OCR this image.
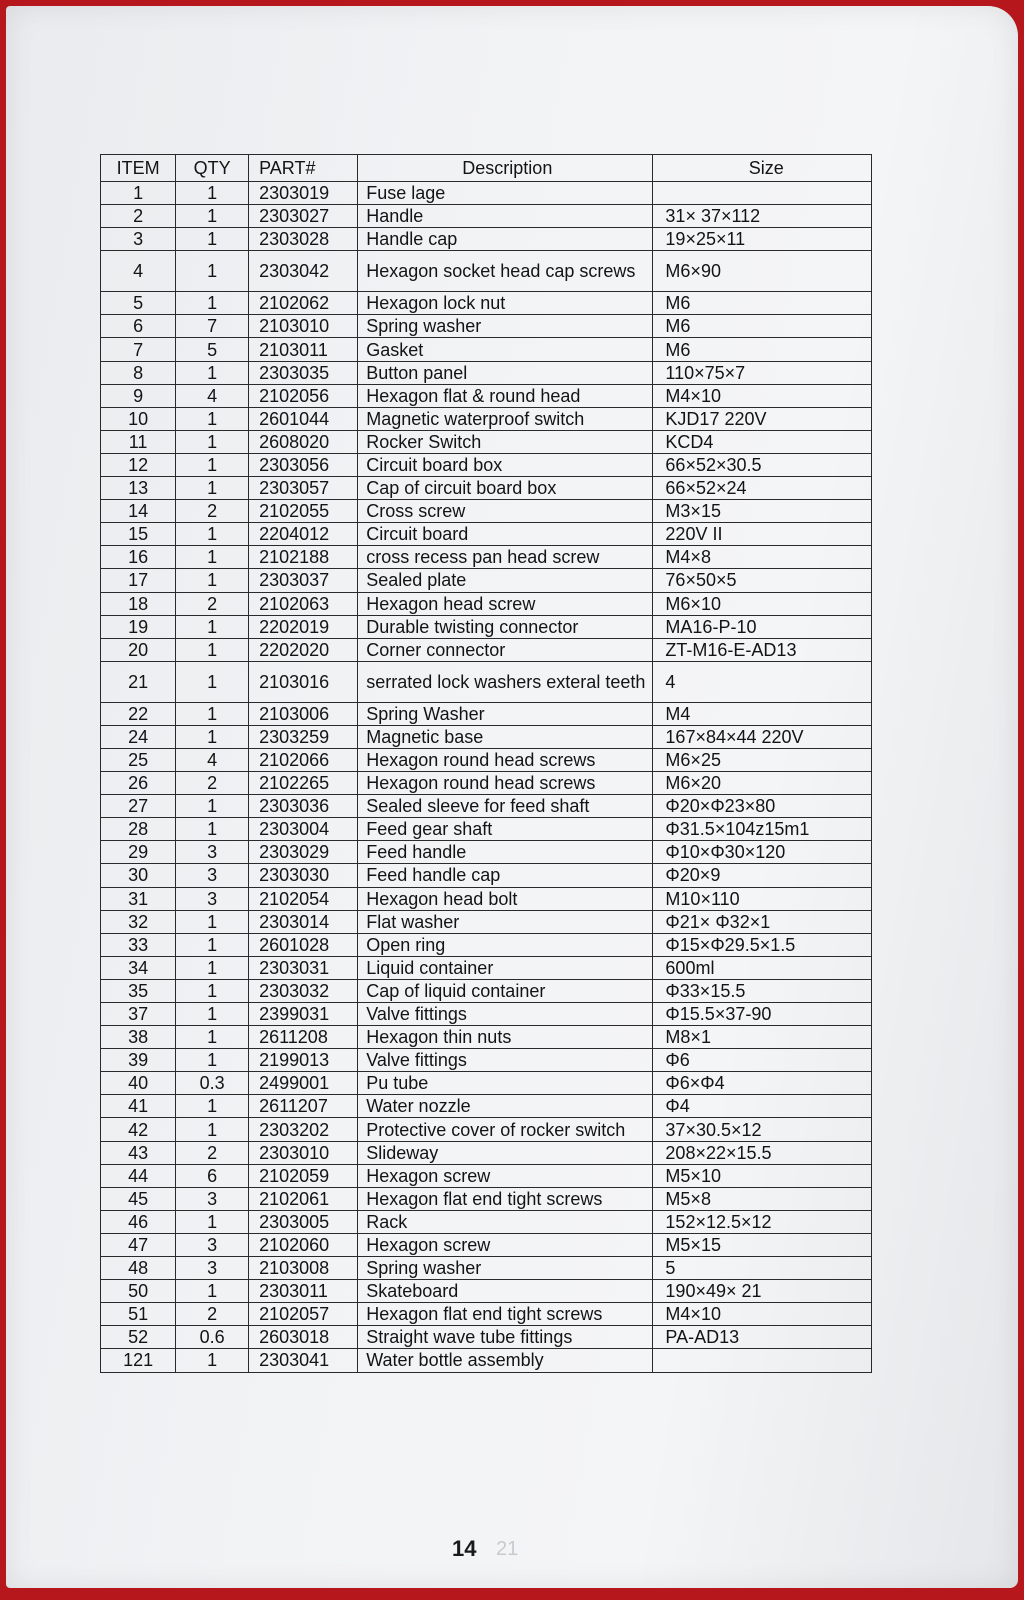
ITEM	QTY	PART#	Description	Size
1	1	2303019	Fuse lage	
2	1	2303027	Handle	31× 37×112
3	1	2303028	Handle cap	19×25×11
4	1	2303042	Hexagon socket head cap screws	M6×90
5	1	2102062	Hexagon lock nut	M6
6	7	2103010	Spring washer	M6
7	5	2103011	Gasket	M6
8	1	2303035	Button panel	110×75×7
9	4	2102056	Hexagon flat & round head	M4×10
10	1	2601044	Magnetic waterproof switch	KJD17 220V
11	1	2608020	Rocker Switch	KCD4
12	1	2303056	Circuit board box	66×52×30.5
13	1	2303057	Cap of circuit board box	66×52×24
14	2	2102055	Cross screw	M3×15
15	1	2204012	Circuit board	220V II
16	1	2102188	cross recess pan head screw	M4×8
17	1	2303037	Sealed plate	76×50×5
18	2	2102063	Hexagon head screw	M6×10
19	1	2202019	Durable twisting connector	MA16-P-10
20	1	2202020	Corner connector	ZT-M16-E-AD13
21	1	2103016	serrated lock washers exteral teeth	4
22	1	2103006	Spring Washer	M4
24	1	2303259	Magnetic base	167×84×44 220V
25	4	2102066	Hexagon round head screws	M6×25
26	2	2102265	Hexagon round head screws	M6×20
27	1	2303036	Sealed sleeve for feed shaft	Φ20×Φ23×80
28	1	2303004	Feed gear shaft	Φ31.5×104z15m1
29	3	2303029	Feed handle	Φ10×Φ30×120
30	3	2303030	Feed handle cap	Φ20×9
31	3	2102054	Hexagon head bolt	M10×110
32	1	2303014	Flat washer	Φ21× Φ32×1
33	1	2601028	Open ring	Φ15×Φ29.5×1.5
34	1	2303031	Liquid container	600ml
35	1	2303032	Cap of liquid container	Φ33×15.5
37	1	2399031	Valve fittings	Φ15.5×37-90
38	1	2611208	Hexagon thin nuts	M8×1
39	1	2199013	Valve fittings	Φ6
40	0.3	2499001	Pu tube	Φ6×Φ4
41	1	2611207	Water nozzle	Φ4
42	1	2303202	Protective cover of rocker switch	37×30.5×12
43	2	2303010	Slideway	208×22×15.5
44	6	2102059	Hexagon screw	M5×10
45	3	2102061	Hexagon flat end tight screws	M5×8
46	1	2303005	Rack	152×12.5×12
47	3	2102060	Hexagon screw	M5×15
48	3	2103008	Spring washer	5
50	1	2303011	Skateboard	190×49× 21
51	2	2102057	Hexagon flat end tight screws	M4×10
52	0.6	2603018	Straight wave tube fittings	PA-AD13
121	1	2303041	Water bottle assembly	
14 21
